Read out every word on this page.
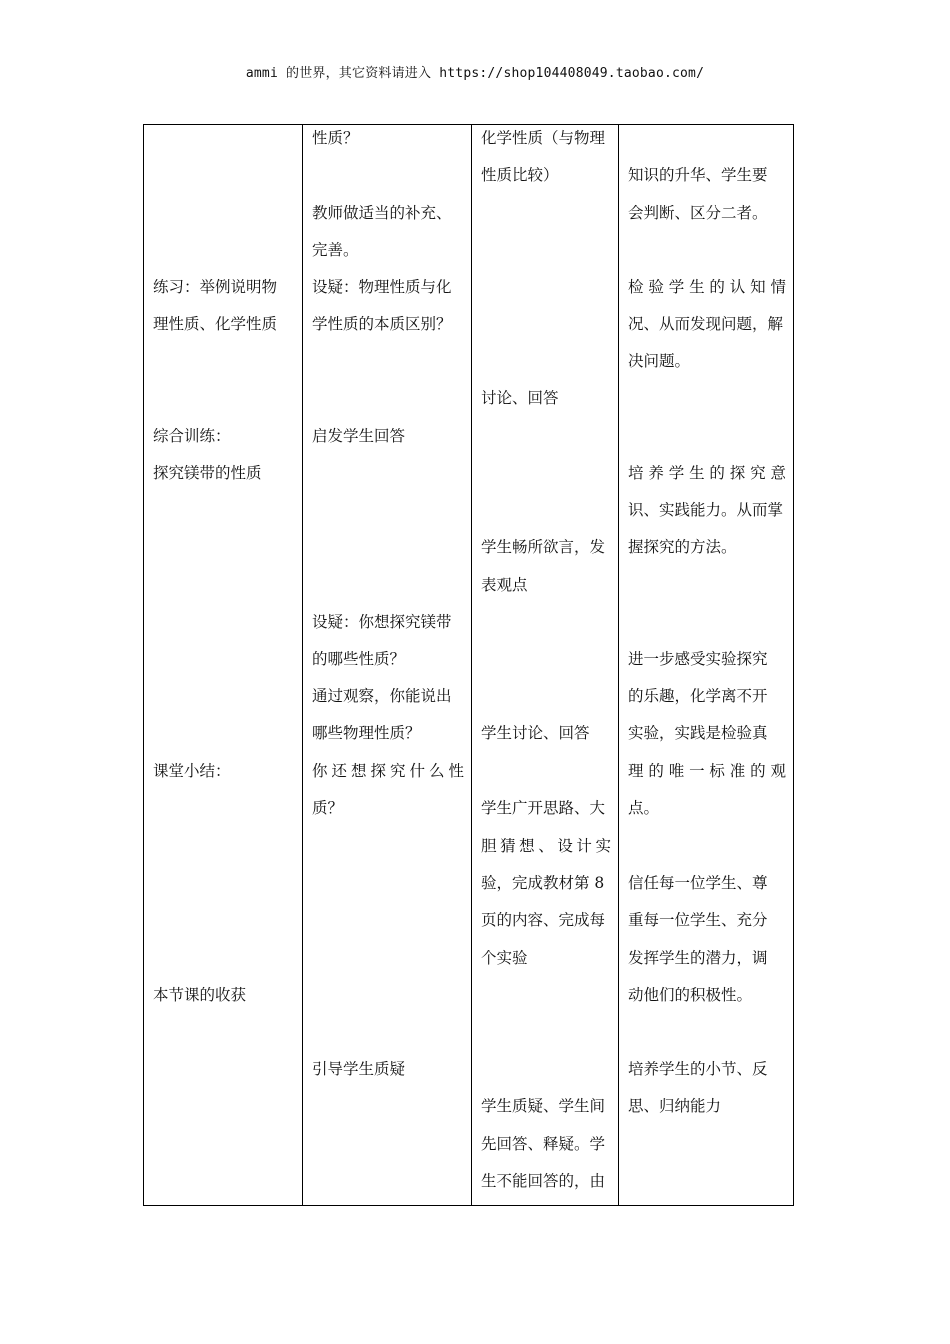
ammi 的世界，其它资料请进入 https://shop104408049.taobao.com/
练习：举例说明物
理性质、化学性质
综合训练：
探究镁带的性质
课堂小结：
本节课的收获
性质？
教师做适当的补充、
完善。
设疑：物理性质与化
学性质的本质区别？
启发学生回答
设疑：你想探究镁带
的哪些性质？
通过观察，你能说出
哪些物理性质？
你还想探究什么性
质？
引导学生质疑
化学性质（与物理
性质比较）
讨论、回答
学生畅所欲言，发
表观点
学生讨论、回答
学生广开思路、大
胆猜想、设计实
验，完成教材第 8
页的内容、完成每
个实验
学生质疑、学生间
先回答、释疑。学
生不能回答的，由
知识的升华、学生要
会判断、区分二者。
检验学生的认知情
况、从而发现问题，解
决问题。
培养学生的探究意
识、实践能力。从而掌
握探究的方法。
进一步感受实验探究
的乐趣，化学离不开
实验，实践是检验真
理的唯一标准的观
点。
信任每一位学生、尊
重每一位学生、充分
发挥学生的潜力，调
动他们的积极性。
培养学生的小节、反
思、归纳能力
